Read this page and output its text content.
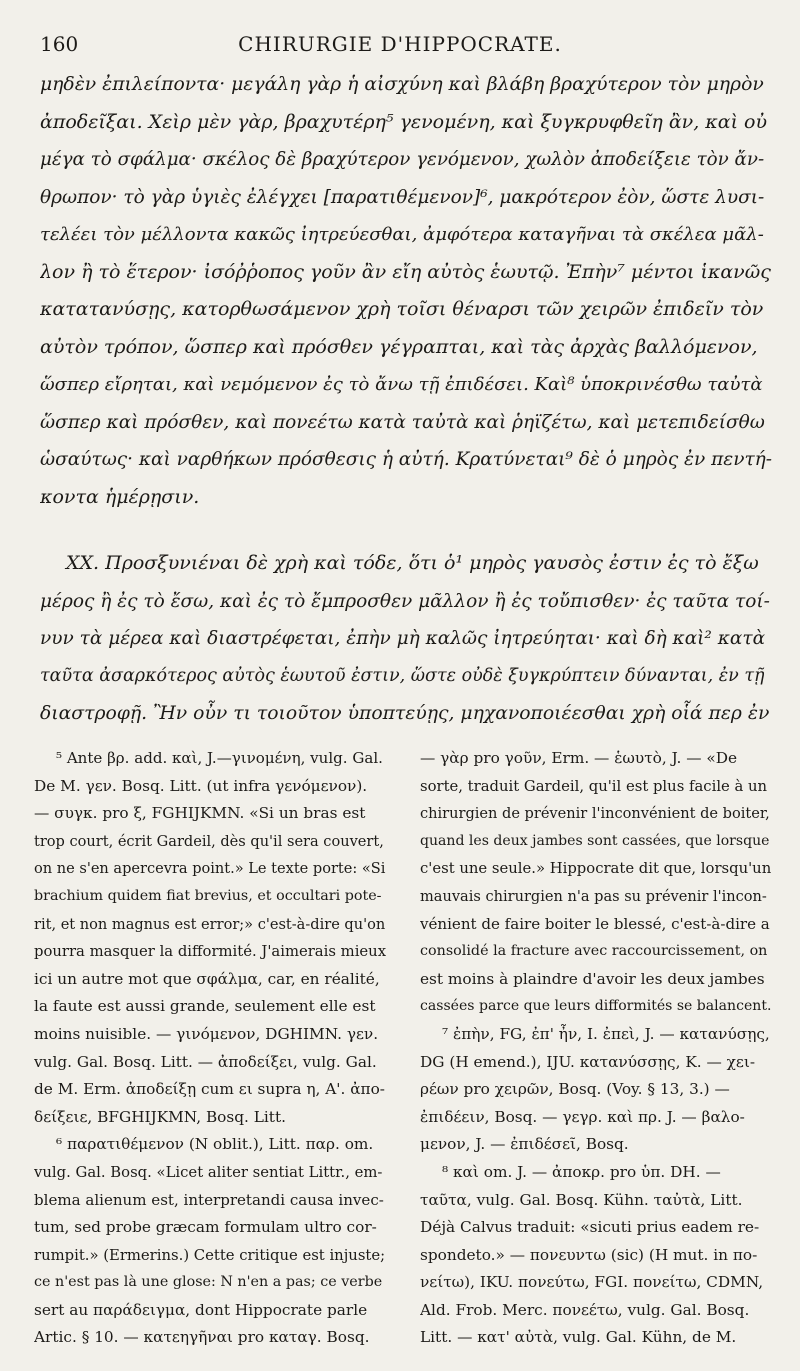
160	CHIRURGIE D'HIPPOCRATE.
μηδὲν ἐπιλείποντα· μεγάλη γὰρ ἡ αἰσχύνη καὶ βλάβη βραχύτερον τὸν μηρὸν
ἀποδεῖξαι. Χεὶρ μὲν γὰρ, βραχυτέρη⁵ γενομένη, καὶ ξυγκρυφθεῖη ἂν, καὶ οὐ
μέγα τὸ σφάλμα· σκέλος δὲ βραχύτερον γενόμενον, χωλὸν ἀποδείξειε τὸν ἄν-
θρωπον· τὸ γὰρ ὑγιὲς ἐλέγχει [παρατιθέμενον]⁶, μακρότερον ἐὸν, ὥστε λυσι-
τελέει τὸν μέλλοντα κακῶς ἰητρεύεσθαι, ἀμφότερα καταγῆναι τὰ σκέλεα μᾶλ-
λον ἢ τὸ ἕτερον· ἰσόῤῥοπος γοῦν ἂν εἴη αὐτὸς ἑωυτῷ. Ἐπὴν⁷ μέντοι ἱκανῶς
κατατανύσῃς, κατορθωσάμενον χρὴ τοῖσι θέναρσι τῶν χειρῶν ἐπιδεῖν τὸν
αὐτὸν τρόπον, ὥσπερ καὶ πρόσθεν γέγραπται, καὶ τὰς ἀρχὰς βαλλόμενον,
ὥσπερ εἴρηται, καὶ νεμόμενον ἐς τὸ ἄνω τῇ ἐπιδέσει. Καὶ⁸ ὑποκρινέσθω ταὐτὰ
ὥσπερ καὶ πρόσθεν, καὶ πονεέτω κατὰ ταὐτὰ καὶ ῥηϊζέτω, καὶ μετεπιδείσθω
ὡσαύτως· καὶ ναρθήκων πρόσθεσις ἡ αὐτή. Κρατύνεται⁹ δὲ ὁ μηρὸς ἐν πεντή-
κοντα ἡμέρῃσιν.
XX. Προσξυνιέναι δὲ χρὴ καὶ τόδε, ὅτι ὁ¹ μηρὸς γαυσὸς ἐστιν ἐς τὸ ἔξω
μέρος ἢ ἐς τὸ ἔσω, καὶ ἐς τὸ ἔμπροσθεν μᾶλλον ἢ ἐς τοὔπισθεν· ἐς ταῦτα τοί-
νυν τὰ μέρεα καὶ διαστρέφεται, ἐπὴν μὴ καλῶς ἰητρεύηται· καὶ δὴ καὶ² κατὰ
ταῦτα ἀσαρκότερος αὐτὸς ἑωυτοῦ ἐστιν, ὥστε οὐδὲ ξυγκρύπτειν δύνανται, ἐν τῇ
διαστροφῇ. Ἢν οὖν τι τοιοῦτον ὑποπτεύῃς, μηχανοποιέεσθαι χρὴ οἷά περ ἐν
⁵ Ante βρ. add. καὶ, J.—γινομένη, vulg. Gal.
De M. γεν. Bosq. Litt. (ut infra γενόμενον).
— συγκ. pro ξ, FGHIJKMN. «Si un bras est
trop court, écrit Gardeil, dès qu'il sera couvert,
on ne s'en apercevra point.» Le texte porte: «Si
brachium quidem fiat brevius, et occultari pote-
rit, et non magnus est error;» c'est-à-dire qu'on
pourra masquer la difformité. J'aimerais mieux
ici un autre mot que σφάλμα, car, en réalité,
la faute est aussi grande, seulement elle est
moins nuisible. — γινόμενον, DGHIMN. γεν.
vulg. Gal. Bosq. Litt. — ἀποδείξει, vulg. Gal.
de M. Erm. ἀποδείξῃ cum ει supra η, A'. ἀπο-
δείξειε, BFGHIJKMN, Bosq. Litt.
⁶ παρατιθέμενον (N oblit.), Litt. παρ. om.
vulg. Gal. Bosq. «Licet aliter sentiat Littr., em-
blema alienum est, interpretandi causa invec-
tum, sed probe græcam formulam ultro cor-
rumpit.» (Ermerins.) Cette critique est injuste;
ce n'est pas là une glose: N n'en a pas; ce verbe
sert au παράδειγμα, dont Hippocrate parle
Artic. § 10. — κατεηγῆναι pro καταγ. Bosq.
— γὰρ pro γοῦν, Erm. — ἑωυτὸ, J. — «De
sorte, traduit Gardeil, qu'il est plus facile à un
chirurgien de prévenir l'inconvénient de boiter,
quand les deux jambes sont cassées, que lorsque
c'est une seule.» Hippocrate dit que, lorsqu'un
mauvais chirurgien n'a pas su prévenir l'incon-
vénient de faire boiter le blessé, c'est-à-dire a
consolidé la fracture avec raccourcissement, on
est moins à plaindre d'avoir les deux jambes
cassées parce que leurs difformités se balancent.
⁷ ἐπὴν, FG, ἐπ' ἦν, I. ἐπεὶ, J. — κατανύσῃς,
DG (H emend.), IJU. κατανύσσῃς, K. — χει-
ρέων pro χειρῶν, Bosq. (Voy. § 13, 3.) —
ἐπιδέειν, Bosq. — γεγρ. καὶ πρ. J. — βαλο-
μενον, J. — ἐπιδέσεῖ, Bosq.
⁸ καὶ om. J. — ἀποκρ. pro ὑπ. DH. —
ταῦτα, vulg. Gal. Bosq. Kühn. ταὐτὰ, Litt.
Déjà Calvus traduit: «sicuti prius eadem re-
spondeto.» — πονευντω (sic) (H mut. in πο-
νείτω), IKU. πονεύτω, FGI. πονείτω, CDMN,
Ald. Frob. Merc. πονεέτω, vulg. Gal. Bosq.
Litt. — κατ' αὐτὰ, vulg. Gal. Kühn, de M.
